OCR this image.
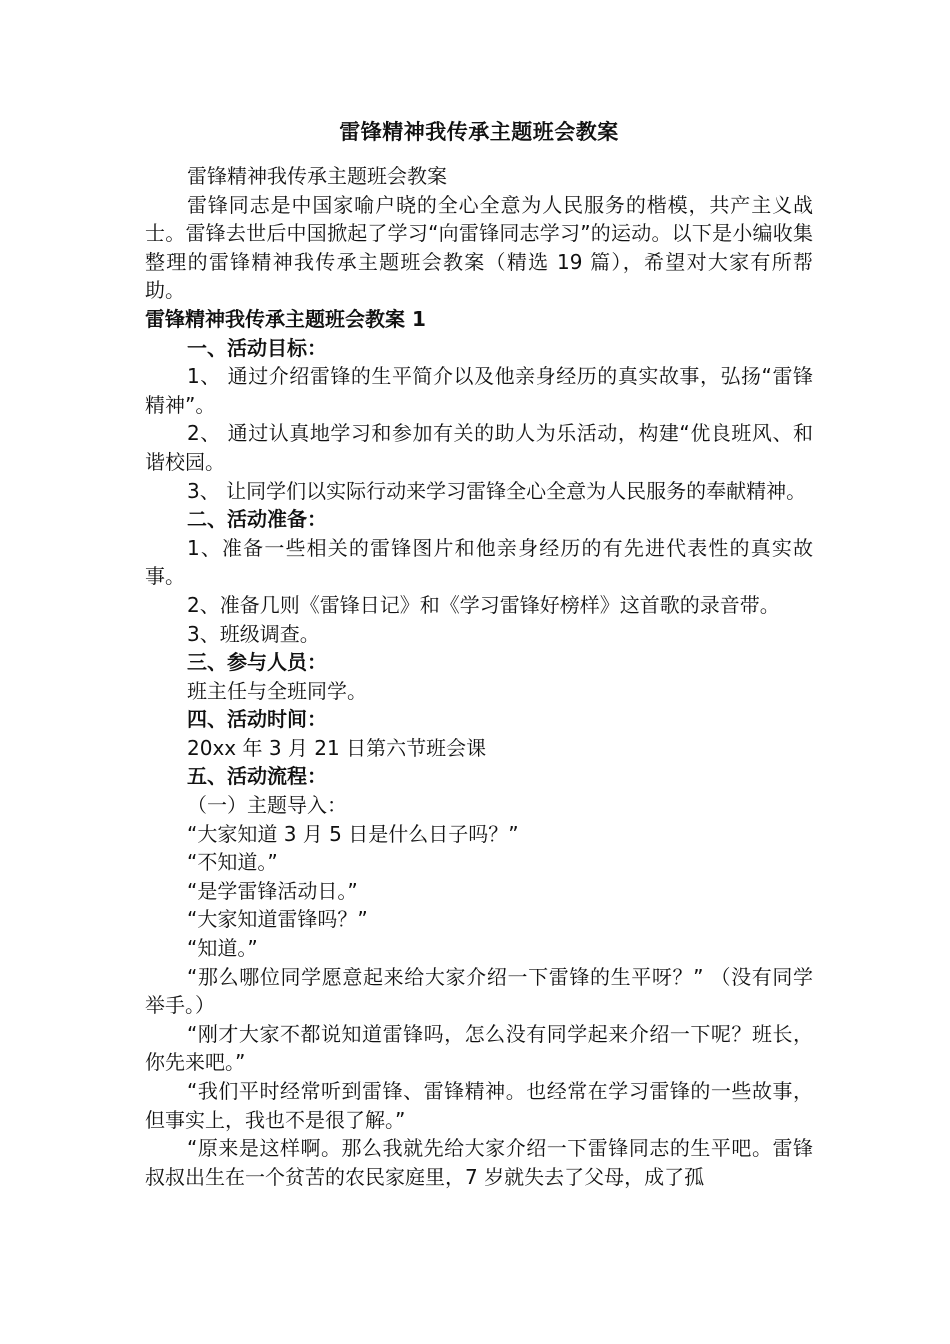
雷锋精神我传承主题班会教案

雷锋精神我传承主题班会教案

雷锋同志是中国家喻户晓的全心全意为人民服务的楷模，共产主义战士。雷锋去世后中国掀起了学习“向雷锋同志学习”的运动。以下是小编收集整理的雷锋精神我传承主题班会教案（精选 19 篇），希望对大家有所帮助。

雷锋精神我传承主题班会教案 1

一、活动目标：

1、 通过介绍雷锋的生平简介以及他亲身经历的真实故事，弘扬“雷锋精神”。

2、 通过认真地学习和参加有关的助人为乐活动，构建“优良班风、和谐校园。

3、 让同学们以实际行动来学习雷锋全心全意为人民服务的奉献精神。

二、活动准备：

1、准备一些相关的雷锋图片和他亲身经历的有先进代表性的真实故事。

2、准备几则《雷锋日记》和《学习雷锋好榜样》这首歌的录音带。

3、班级调查。

三、参与人员：

班主任与全班同学。

四、活动时间：

20xx 年 3 月 21 日第六节班会课

五、活动流程：

（一）主题导入：

“大家知道 3 月 5 日是什么日子吗？”

“不知道。”

“是学雷锋活动日。”

“大家知道雷锋吗？”

“知道。”

“那么哪位同学愿意起来给大家介绍一下雷锋的生平呀？” （没有同学举手。）

“刚才大家不都说知道雷锋吗，怎么没有同学起来介绍一下呢？班长，你先来吧。”

“我们平时经常听到雷锋、雷锋精神。也经常在学习雷锋的一些故事，但事实上，我也不是很了解。”

“原来是这样啊。那么我就先给大家介绍一下雷锋同志的生平吧。雷锋叔叔出生在一个贫苦的农民家庭里，7 岁就失去了父母，成了孤
